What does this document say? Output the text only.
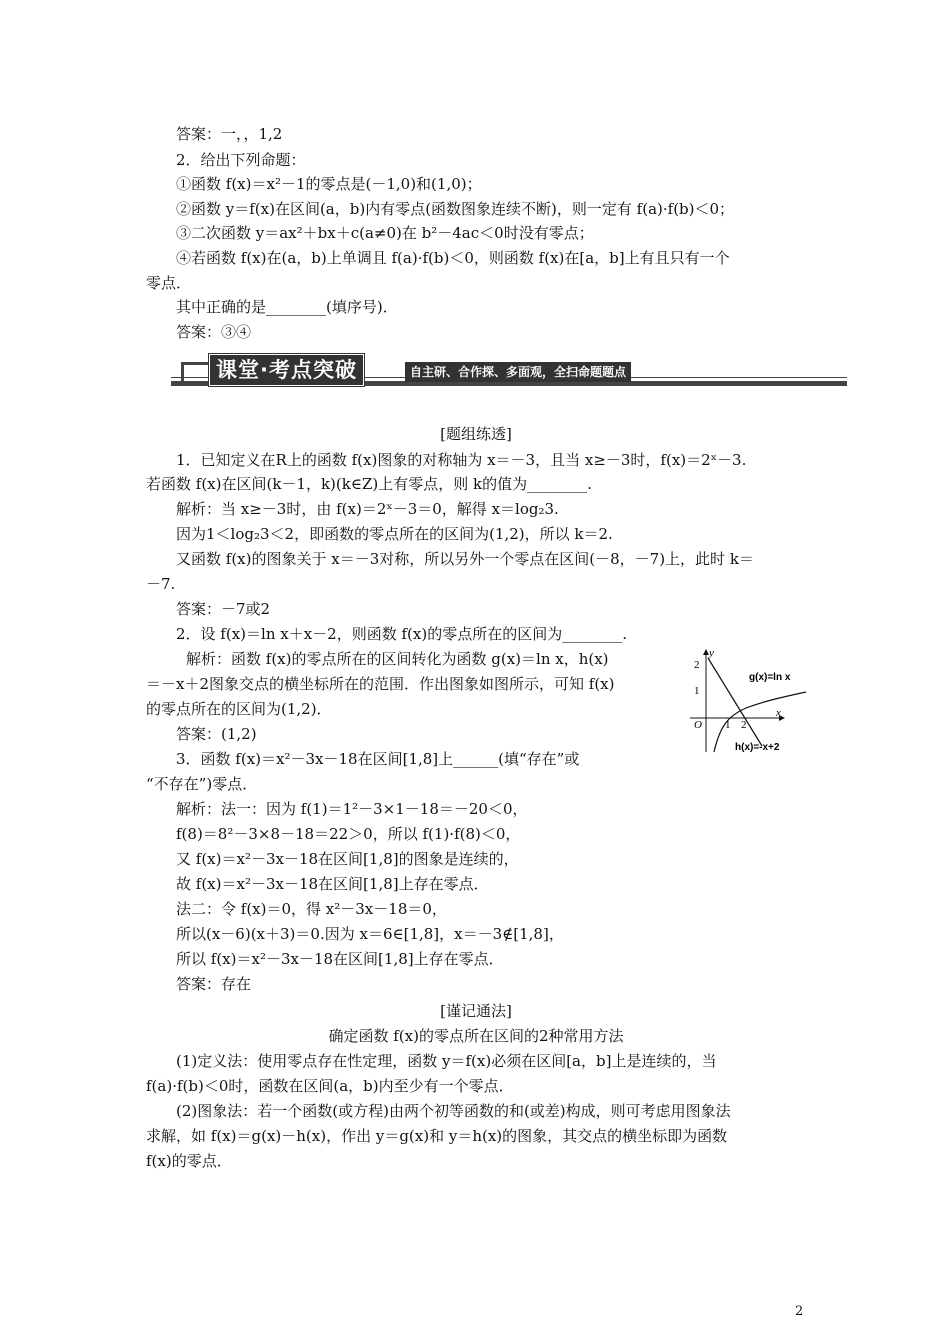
答案：一，，1,2
2．给出下列命题：
①函数 f(x)＝x²－1的零点是(－1,0)和(1,0)；
②函数 y＝f(x)在区间(a，b)内有零点(函数图象连续不断)，则一定有 f(a)·f(b)＜0；
③二次函数 y＝ax²＋bx＋c(a≠0)在 b²－4ac＜0时没有零点；
④若函数 f(x)在(a，b)上单调且 f(a)·f(b)＜0，则函数 f(x)在[a，b]上有且只有一个
零点．
其中正确的是________(填序号)．
答案：③④
课堂·考点突破	自主研、合作探、多面观，全扫命题题点
[题组练透]
1．已知定义在R上的函数 f(x)图象的对称轴为 x＝－3，且当 x≥－3时，f(x)＝2ˣ－3.
若函数 f(x)在区间(k－1，k)(k∈Z)上有零点，则 k的值为________.
解析：当 x≥－3时，由 f(x)＝2ˣ－3＝0，解得 x＝log₂3.
因为1＜log₂3＜2，即函数的零点所在的区间为(1,2)，所以 k＝2.
又函数 f(x)的图象关于 x＝－3对称，所以另外一个零点在区间(－8，－7)上，此时 k＝
－7.
答案：－7或2
2．设 f(x)＝ln x＋x－2，则函数 f(x)的零点所在的区间为________.
解析：函数 f(x)的零点所在的区间转化为函数 g(x)＝ln x，h(x)
＝－x＋2图象交点的横坐标所在的范围．作出图象如图所示，可知 f(x)
的零点所在的区间为(1,2)．
答案：(1,2)
3．函数 f(x)＝x²－3x－18在区间[1,8]上______(填“存在”或
“不存在”)零点．
解析：法一：因为 f(1)＝1²－3×1－18＝－20＜0，
f(8)＝8²－3×8－18＝22＞0，所以 f(1)·f(8)＜0，
又 f(x)＝x²－3x－18在区间[1,8]的图象是连续的，
故 f(x)＝x²－3x－18在区间[1,8]上存在零点．
法二：令 f(x)＝0，得 x²－3x－18＝0，
所以(x－6)(x＋3)＝0.因为 x＝6∈[1,8]，x＝－3∉[1,8]，
所以 f(x)＝x²－3x－18在区间[1,8]上存在零点．
答案：存在
y
x
O
2
1
1 2
g(x)=ln x
h(x)=-x+2
[谨记通法]
确定函数 f(x)的零点所在区间的2种常用方法
(1)定义法：使用零点存在性定理，函数 y＝f(x)必须在区间[a，b]上是连续的，当
f(a)·f(b)＜0时，函数在区间(a，b)内至少有一个零点．
(2)图象法：若一个函数(或方程)由两个初等函数的和(或差)构成，则可考虑用图象法
求解，如 f(x)＝g(x)－h(x)，作出 y＝g(x)和 y＝h(x)的图象，其交点的横坐标即为函数
f(x)的零点．
2
